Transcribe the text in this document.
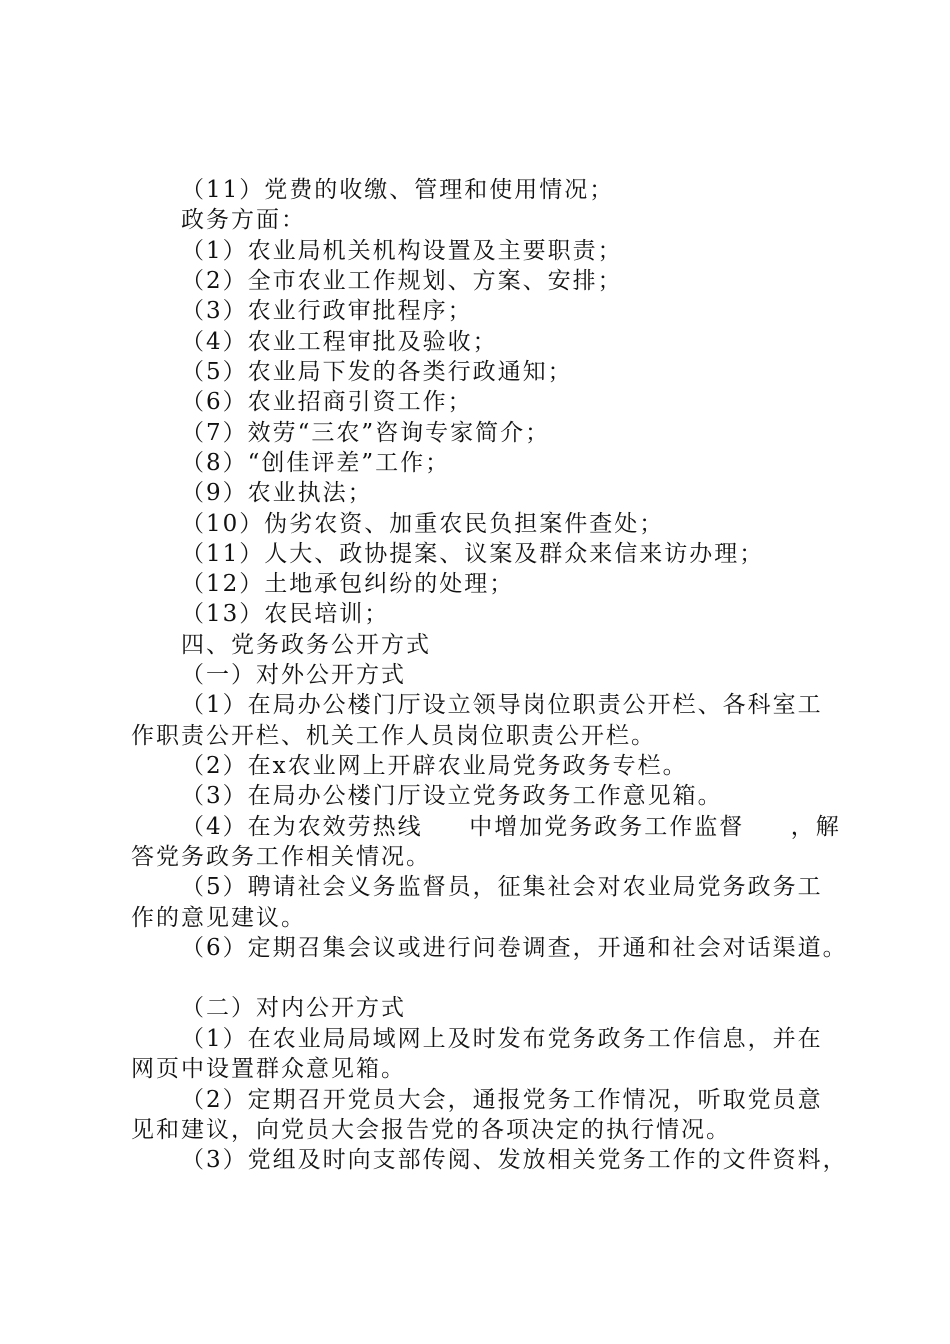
（11）党费的收缴、管理和使用情况；
政务方面：
（1）农业局机关机构设置及主要职责；
（2）全市农业工作规划、方案、安排；
（3）农业行政审批程序；
（4）农业工程审批及验收；
（5）农业局下发的各类行政通知；
（6）农业招商引资工作；
（7）效劳“三农”咨询专家简介；
（8）“创佳评差”工作；
（9）农业执法；
（10）伪劣农资、加重农民负担案件查处；
（11）人大、政协提案、议案及群众来信来访办理；
（12）土地承包纠纷的处理；
（13）农民培训；
四、党务政务公开方式
（一）对外公开方式
（1）在局办公楼门厅设立领导岗位职责公开栏、各科室工
作职责公开栏、机关工作人员岗位职责公开栏。
（2）在x农业网上开辟农业局党务政务专栏。
（3）在局办公楼门厅设立党务政务工作意见箱。
（4）在为农效劳热线     中增加党务政务工作监督     ，解
答党务政务工作相关情况。
（5）聘请社会义务监督员，征集社会对农业局党务政务工
作的意见建议。
（6）定期召集会议或进行问卷调查，开通和社会对话渠道。
（二）对内公开方式
（1）在农业局局域网上及时发布党务政务工作信息，并在
网页中设置群众意见箱。
（2）定期召开党员大会，通报党务工作情况，听取党员意
见和建议，向党员大会报告党的各项决定的执行情况。
（3）党组及时向支部传阅、发放相关党务工作的文件资料，
